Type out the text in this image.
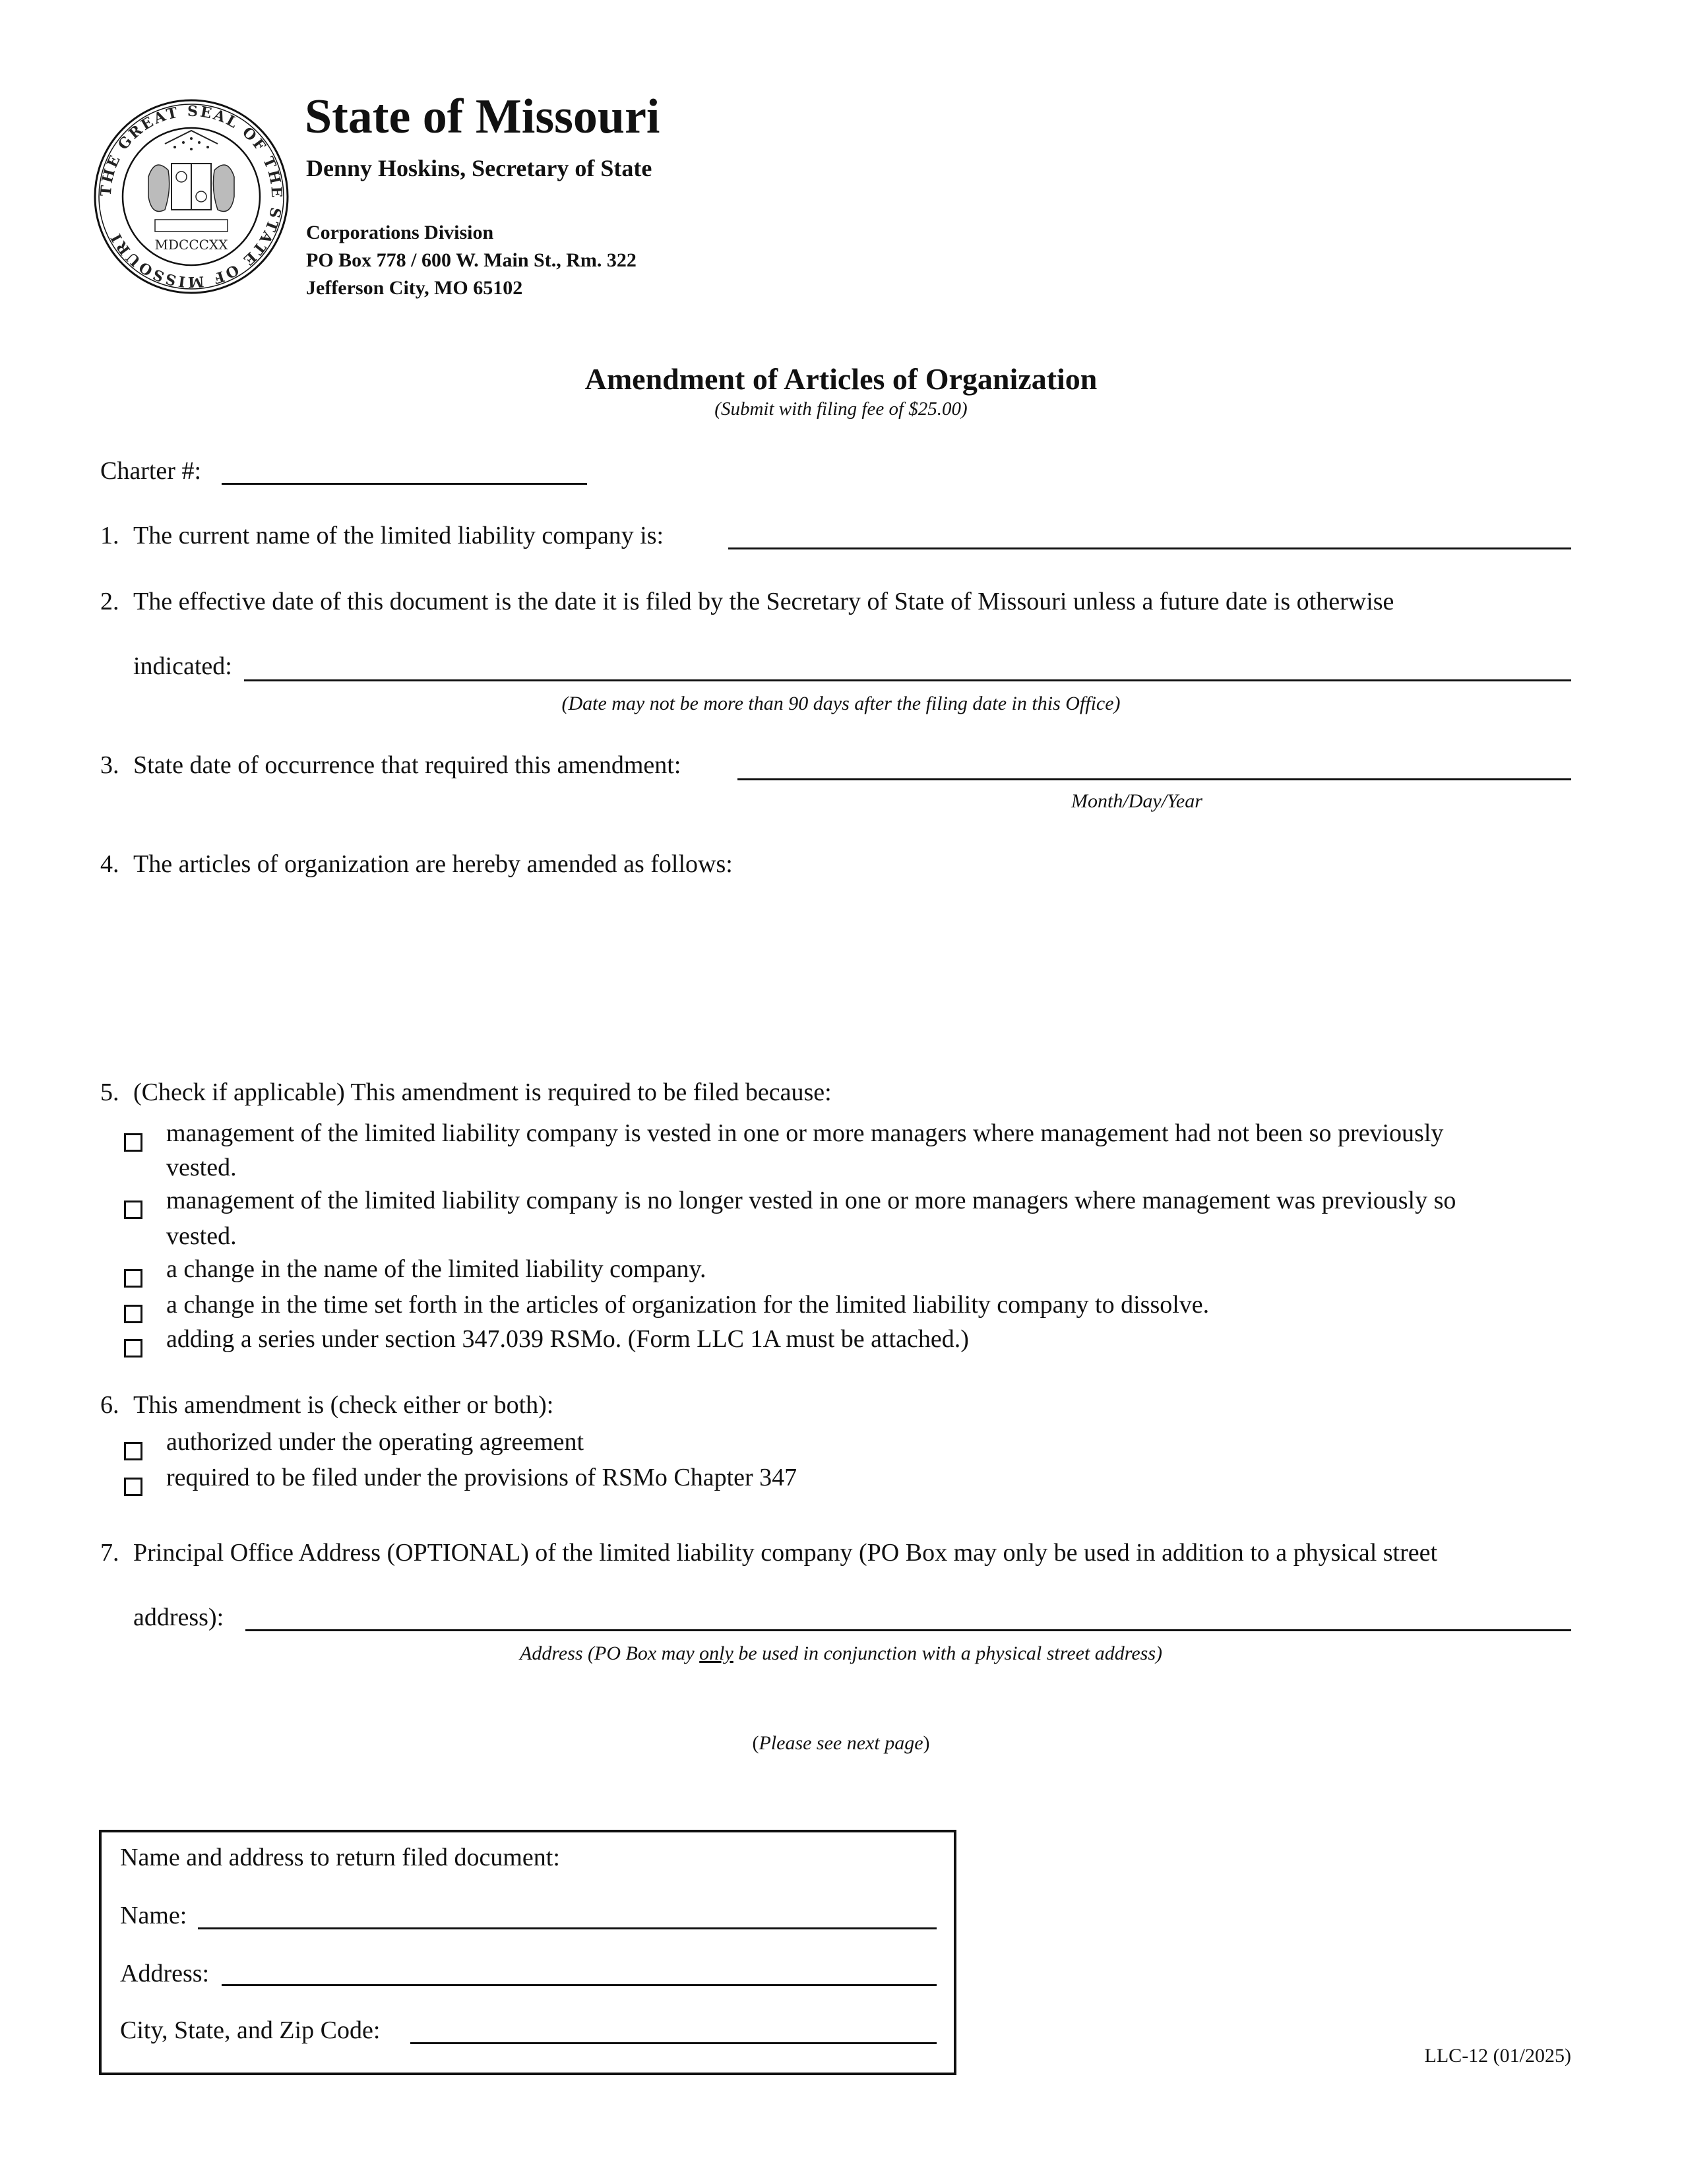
THE GREAT SEAL OF THE STATE OF MISSOURI	MDCCCXX
State of Missouri
Denny Hoskins, Secretary of State
Corporations Division
PO Box 778 / 600 W. Main St., Rm. 322
Jefferson City, MO 65102
Amendment of Articles of Organization
(Submit with filing fee of $25.00)
Charter #:
1. The current name of the limited liability company is:
2. The effective date of this document is the date it is filed by the Secretary of State of Missouri unless a future date is otherwise
indicated:
(Date may not be more than 90 days after the filing date in this Office)
3. State date of occurrence that required this amendment:
Month/Day/Year
4. The articles of organization are hereby amended as follows:
5. (Check if applicable) This amendment is required to be filed because:
management of the limited liability company is vested in one or more managers where management had not been so previously
vested.
management of the limited liability company is no longer vested in one or more managers where management was previously so
vested.
a change in the name of the limited liability company.
a change in the time set forth in the articles of organization for the limited liability company to dissolve.
adding a series under section 347.039 RSMo. (Form LLC 1A must be attached.)
6. This amendment is (check either or both):
authorized under the operating agreement
required to be filed under the provisions of RSMo Chapter 347
7. Principal Office Address (OPTIONAL) of the limited liability company (PO Box may only be used in addition to a physical street
address):
Address (PO Box may only be used in conjunction with a physical street address)
(Please see next page)
Name and address to return filed document:
Name:
Address:
City, State, and Zip Code:
LLC-12 (01/2025)
